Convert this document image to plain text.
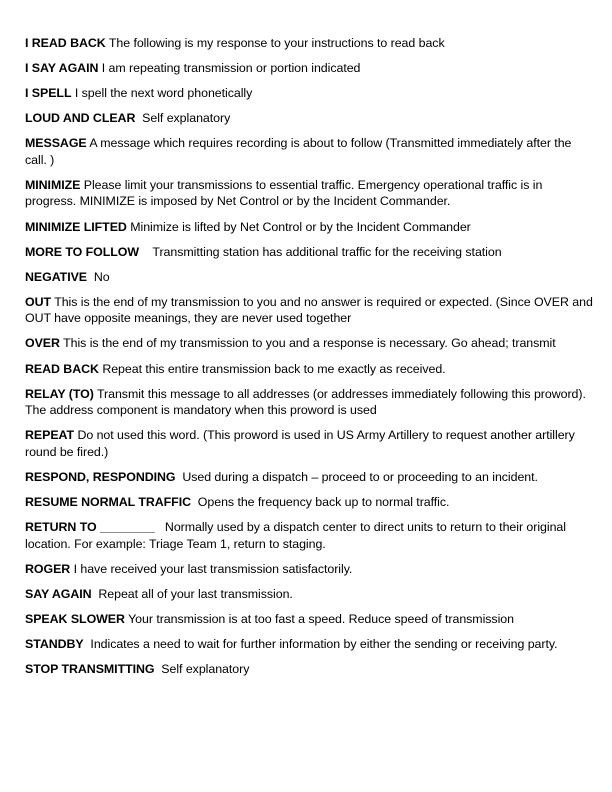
I READ BACK The following is my response to your instructions to read back
I SAY AGAIN I am repeating transmission or portion indicated
I SPELL I spell the next word phonetically
LOUD AND CLEAR Self explanatory
MESSAGE A message which requires recording is about to follow (Transmitted immediately after the call. )
MINIMIZE Please limit your transmissions to essential traffic. Emergency operational traffic is in progress. MINIMIZE is imposed by Net Control or by the Incident Commander.
MINIMIZE LIFTED Minimize is lifted by Net Control or by the Incident Commander
MORE TO FOLLOW Transmitting station has additional traffic for the receiving station
NEGATIVE No
OUT This is the end of my transmission to you and no answer is required or expected. (Since OVER and OUT have opposite meanings, they are never used together
OVER This is the end of my transmission to you and a response is necessary. Go ahead; transmit
READ BACK Repeat this entire transmission back to me exactly as received.
RELAY (TO) Transmit this message to all addresses (or addresses immediately following this proword). The address component is mandatory when this proword is used
REPEAT Do not used this word. (This proword is used in US Army Artillery to request another artillery round be fired.)
RESPOND, RESPONDING Used during a dispatch – proceed to or proceeding to an incident.
RESUME NORMAL TRAFFIC Opens the frequency back up to normal traffic.
RETURN TO ________ Normally used by a dispatch center to direct units to return to their original location. For example: Triage Team 1, return to staging.
ROGER I have received your last transmission satisfactorily.
SAY AGAIN Repeat all of your last transmission.
SPEAK SLOWER Your transmission is at too fast a speed. Reduce speed of transmission
STANDBY Indicates a need to wait for further information by either the sending or receiving party.
STOP TRANSMITTING Self explanatory
